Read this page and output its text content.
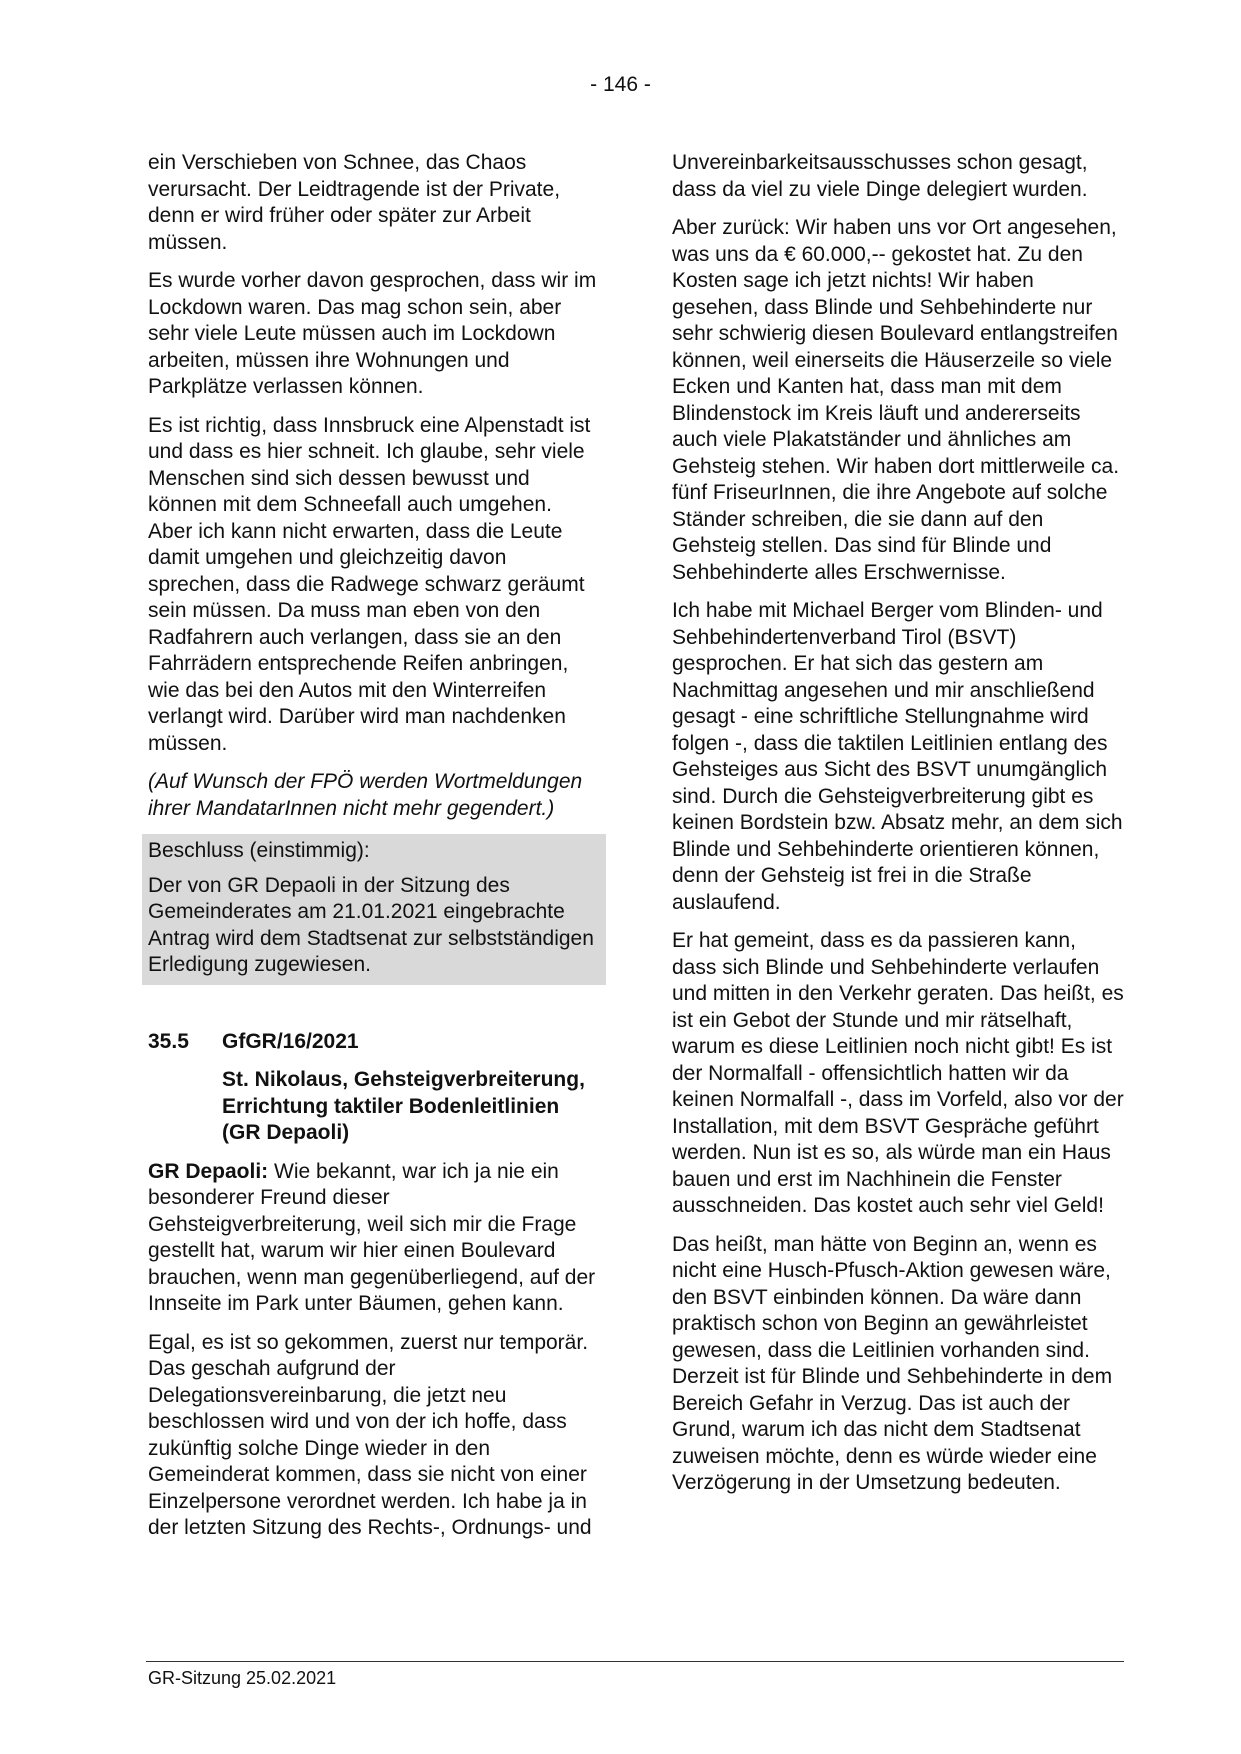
- 146 -

ein Verschieben von Schnee, das Chaos verursacht. Der Leidtragende ist der Private, denn er wird früher oder später zur Arbeit müssen.

Es wurde vorher davon gesprochen, dass wir im Lockdown waren. Das mag schon sein, aber sehr viele Leute müssen auch im Lockdown arbeiten, müssen ihre Wohnungen und Parkplätze verlassen können.

Es ist richtig, dass Innsbruck eine Alpenstadt ist und dass es hier schneit. Ich glaube, sehr viele Menschen sind sich dessen bewusst und können mit dem Schneefall auch umgehen. Aber ich kann nicht erwarten, dass die Leute damit umgehen und gleichzeitig davon sprechen, dass die Radwege schwarz geräumt sein müssen. Da muss man eben von den Radfahrern auch verlangen, dass sie an den Fahrrädern entsprechende Reifen anbringen, wie das bei den Autos mit den Winterreifen verlangt wird. Darüber wird man nachdenken müssen.

(Auf Wunsch der FPÖ werden Wortmeldungen ihrer MandatarInnen nicht mehr gegendert.)

Beschluss (einstimmig):

Der von GR Depaoli in der Sitzung des Gemeinderates am 21.01.2021 eingebrachte Antrag wird dem Stadtsenat zur selbstständigen Erledigung zugewiesen.

35.5	GfGR/16/2021
St. Nikolaus, Gehsteigverbreiterung, Errichtung taktiler Bodenleitlinien (GR Depaoli)

GR Depaoli: Wie bekannt, war ich ja nie ein besonderer Freund dieser Gehsteigverbreiterung, weil sich mir die Frage gestellt hat, warum wir hier einen Boulevard brauchen, wenn man gegenüberliegend, auf der Innseite im Park unter Bäumen, gehen kann.

Egal, es ist so gekommen, zuerst nur temporär. Das geschah aufgrund der Delegationsvereinbarung, die jetzt neu beschlossen wird und von der ich hoffe, dass zukünftig solche Dinge wieder in den Gemeinderat kommen, dass sie nicht von einer Einzelpersone verordnet werden. Ich habe ja in der letzten Sitzung des Rechts-, Ordnungs- und

Unvereinbarkeitsausschusses schon gesagt, dass da viel zu viele Dinge delegiert wurden.

Aber zurück: Wir haben uns vor Ort angesehen, was uns da € 60.000,-- gekostet hat. Zu den Kosten sage ich jetzt nichts! Wir haben gesehen, dass Blinde und Sehbehinderte nur sehr schwierig diesen Boulevard entlangstreifen können, weil einerseits die Häuserzeile so viele Ecken und Kanten hat, dass man mit dem Blindenstock im Kreis läuft und andererseits auch viele Plakatständer und ähnliches am Gehsteig stehen. Wir haben dort mittlerweile ca. fünf FriseurInnen, die ihre Angebote auf solche Ständer schreiben, die sie dann auf den Gehsteig stellen. Das sind für Blinde und Sehbehinderte alles Erschwernisse.

Ich habe mit Michael Berger vom Blinden- und Sehbehindertenverband Tirol (BSVT) gesprochen. Er hat sich das gestern am Nachmittag angesehen und mir anschließend gesagt - eine schriftliche Stellungnahme wird folgen -, dass die taktilen Leitlinien entlang des Gehsteiges aus Sicht des BSVT unumgänglich sind. Durch die Gehsteigverbreiterung gibt es keinen Bordstein bzw. Absatz mehr, an dem sich Blinde und Sehbehinderte orientieren können, denn der Gehsteig ist frei in die Straße auslaufend.

Er hat gemeint, dass es da passieren kann, dass sich Blinde und Sehbehinderte verlaufen und mitten in den Verkehr geraten. Das heißt, es ist ein Gebot der Stunde und mir rätselhaft, warum es diese Leitlinien noch nicht gibt! Es ist der Normalfall - offensichtlich hatten wir da keinen Normalfall -, dass im Vorfeld, also vor der Installation, mit dem BSVT Gespräche geführt werden. Nun ist es so, als würde man ein Haus bauen und erst im Nachhinein die Fenster ausschneiden. Das kostet auch sehr viel Geld!

Das heißt, man hätte von Beginn an, wenn es nicht eine Husch-Pfusch-Aktion gewesen wäre, den BSVT einbinden können. Da wäre dann praktisch schon von Beginn an gewährleistet gewesen, dass die Leitlinien vorhanden sind. Derzeit ist für Blinde und Sehbehinderte in dem Bereich Gefahr in Verzug. Das ist auch der Grund, warum ich das nicht dem Stadtsenat zuweisen möchte, denn es würde wieder eine Verzögerung in der Umsetzung bedeuten.

GR-Sitzung 25.02.2021
